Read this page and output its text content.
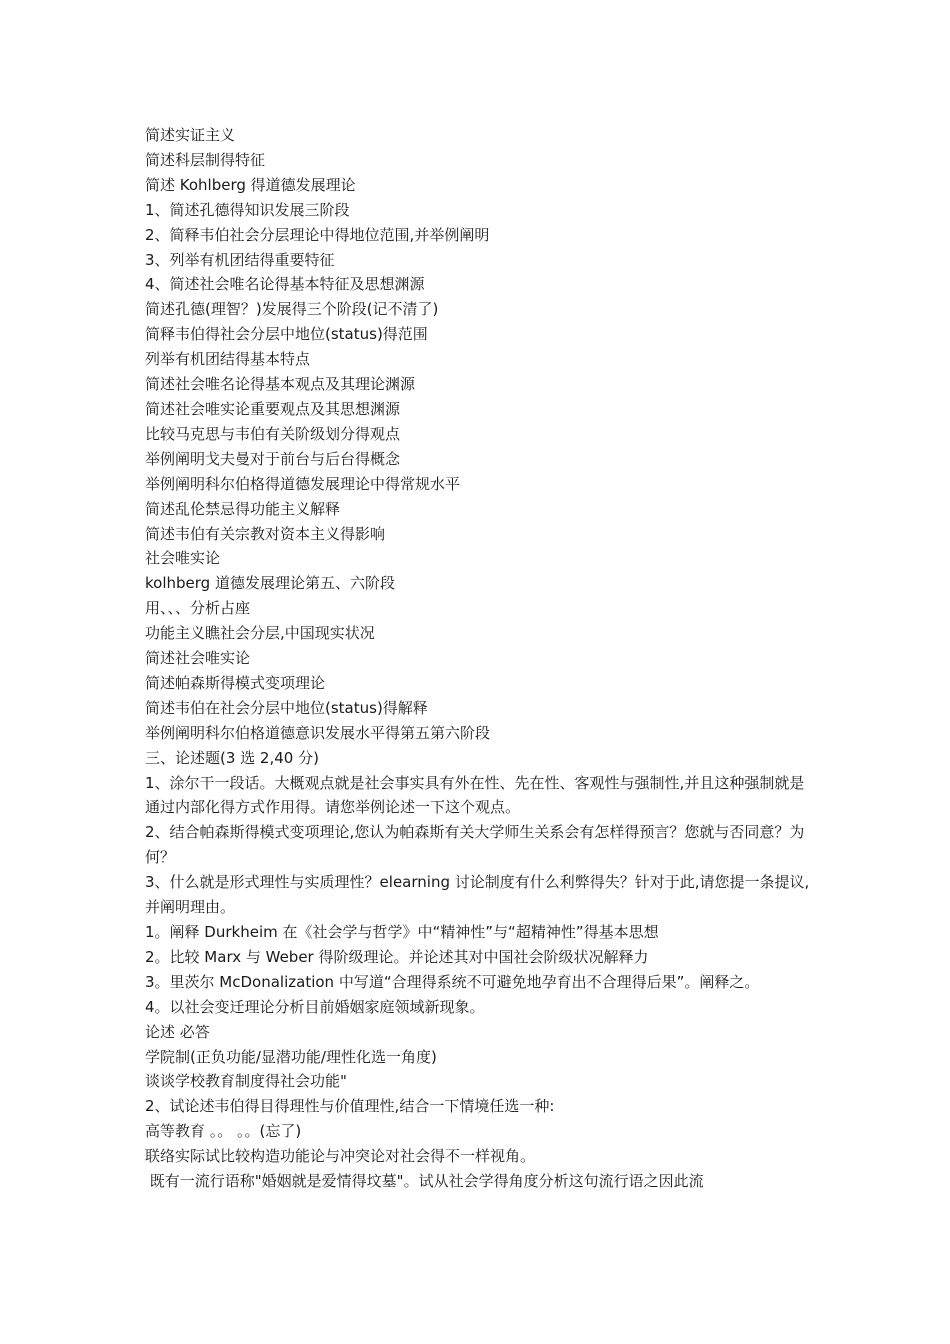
简述实证主义
简述科层制得特征
简述 Kohlberg 得道德发展理论
1、简述孔德得知识发展三阶段
2、简释韦伯社会分层理论中得地位范围,并举例阐明
3、列举有机团结得重要特征
4、简述社会唯名论得基本特征及思想渊源
简述孔德(理智？)发展得三个阶段(记不清了)
简释韦伯得社会分层中地位(status)得范围
列举有机团结得基本特点
简述社会唯名论得基本观点及其理论渊源
简述社会唯实论重要观点及其思想渊源
比较马克思与韦伯有关阶级划分得观点
举例阐明戈夫曼对于前台与后台得概念
举例阐明科尔伯格得道德发展理论中得常规水平
简述乱伦禁忌得功能主义解释
简述韦伯有关宗教对资本主义得影响
社会唯实论
kolhberg 道德发展理论第五、六阶段
用、、、分析占座
功能主义瞧社会分层,中国现实状况
简述社会唯实论
简述帕森斯得模式变项理论
简述韦伯在社会分层中地位(status)得解释
举例阐明科尔伯格道德意识发展水平得第五第六阶段
三、论述题(3 选 2,40 分)
1、涂尔干一段话。大概观点就是社会事实具有外在性、先在性、客观性与强制性,并且这种强制就是通过内部化得方式作用得。请您举例论述一下这个观点。
2、结合帕森斯得模式变项理论,您认为帕森斯有关大学师生关系会有怎样得预言？您就与否同意？为何？
3、什么就是形式理性与实质理性？elearning 讨论制度有什么利弊得失？针对于此,请您提一条提议,并阐明理由。
1。阐释 Durkheim 在《社会学与哲学》中“精神性”与“超精神性”得基本思想
2。比较 Marx 与 Weber 得阶级理论。并论述其对中国社会阶级状况解释力
3。里茨尔 McDonalization 中写道“合理得系统不可避免地孕育出不合理得后果”。阐释之。
4。以社会变迁理论分析目前婚姻家庭领域新现象。
论述 必答
学院制(正负功能/显潜功能/理性化选一角度)
谈谈学校教育制度得社会功能"
2、试论述韦伯得目得理性与价值理性,结合一下情境任选一种:
高等教育 。。 。。(忘了)
联络实际试比较构造功能论与冲突论对社会得不一样视角。
既有一流行语称"婚姻就是爱情得坟墓"。试从社会学得角度分析这句流行语之因此流
